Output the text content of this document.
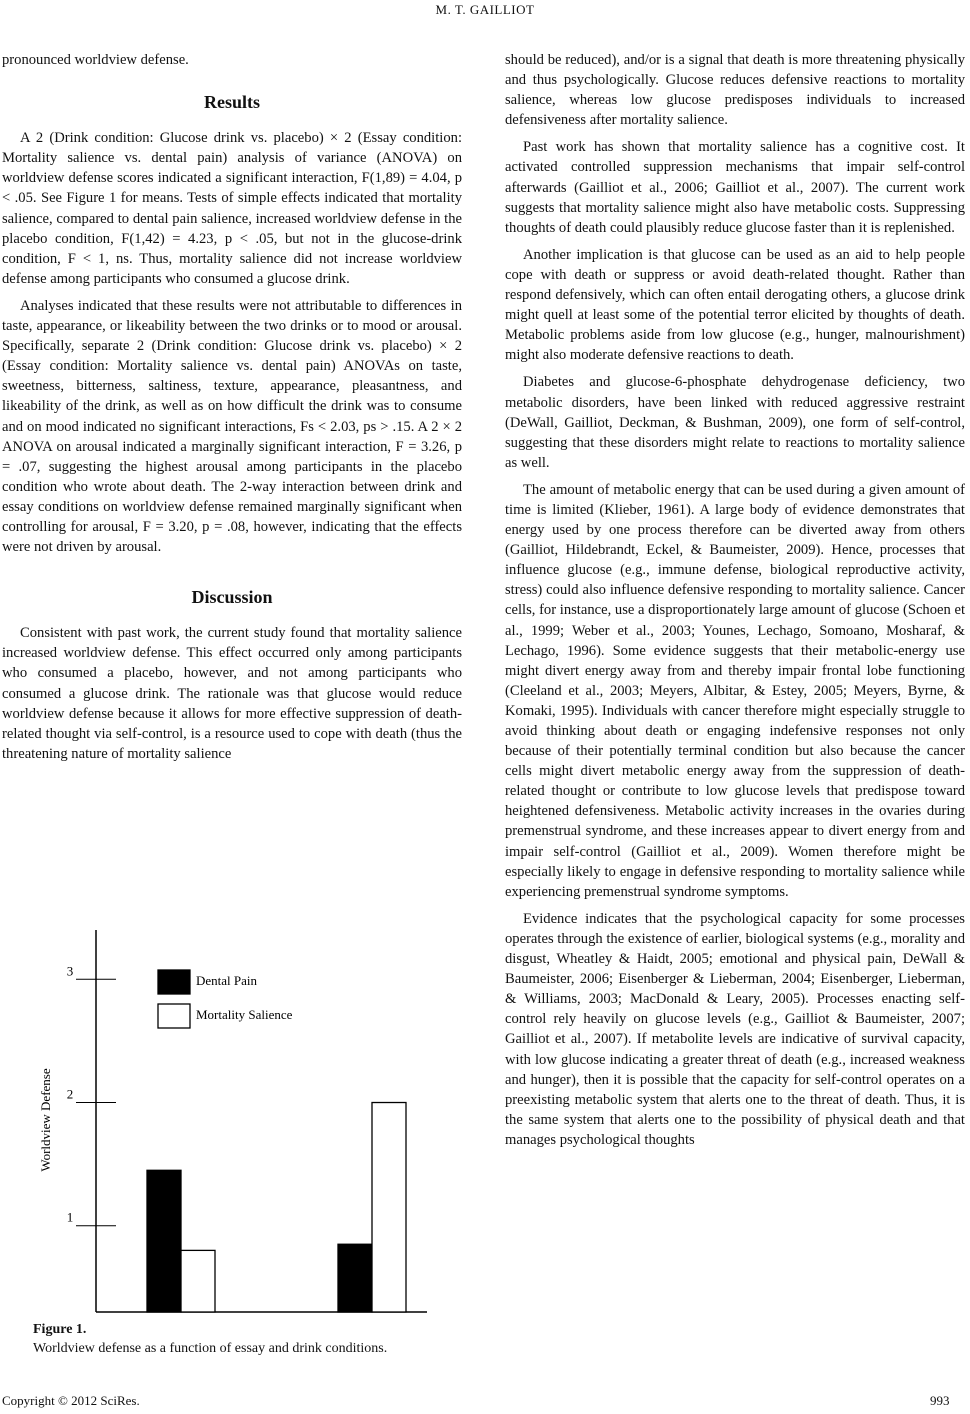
M. T. GAILLIOT

pronounced worldview defense.

Results

A 2 (Drink condition: Glucose drink vs. placebo) × 2 (Essay condition: Mortality salience vs. dental pain) analysis of variance (ANOVA) on worldview defense scores indicated a significant interaction, F(1,89) = 4.04, p < .05. See Figure 1 for means. Tests of simple effects indicated that mortality salience, compared to dental pain salience, increased worldview defense in the placebo condition, F(1,42) = 4.23, p < .05, but not in the glucose-drink condition, F < 1, ns. Thus, mortality salience did not increase worldview defense among participants who consumed a glucose drink.

Analyses indicated that these results were not attributable to differences in taste, appearance, or likeability between the two drinks or to mood or arousal. Specifically, separate 2 (Drink condition: Glucose drink vs. placebo) × 2 (Essay condition: Mortality salience vs. dental pain) ANOVAs on taste, sweetness, bitterness, saltiness, texture, appearance, pleasantness, and likeability of the drink, as well as on how difficult the drink was to consume and on mood indicated no significant interactions, Fs < 2.03, ps > .15. A 2 × 2 ANOVA on arousal indicated a marginally significant interaction, F = 3.26, p = .07, suggesting the highest arousal among participants in the placebo condition who wrote about death. The 2-way interaction between drink and essay conditions on worldview defense remained marginally significant when controlling for arousal, F = 3.20, p = .08, however, indicating that the effects were not driven by arousal.

Discussion

Consistent with past work, the current study found that mortality salience increased worldview defense. This effect occurred only among participants who consumed a placebo, however, and not among participants who consumed a glucose drink. The rationale was that glucose would reduce worldview defense because it allows for more effective suppression of death-related thought via self-control, is a resource used to cope with death (thus the threatening nature of mortality salience

should be reduced), and/or is a signal that death is more threatening physically and thus psychologically. Glucose reduces defensive reactions to mortality salience, whereas low glucose predisposes individuals to increased defensiveness after mortality salience.

Past work has shown that mortality salience has a cognitive cost. It activated controlled suppression mechanisms that impair self-control afterwards (Gailliot et al., 2006; Gailliot et al., 2007). The current work suggests that mortality salience might also have metabolic costs. Suppressing thoughts of death could plausibly reduce glucose faster than it is replenished.

Another implication is that glucose can be used as an aid to help people cope with death or suppress or avoid death-related thought. Rather than respond defensively, which can often entail derogating others, a glucose drink might quell at least some of the potential terror elicited by thoughts of death. Metabolic problems aside from low glucose (e.g., hunger, malnourishment) might also moderate defensive reactions to death.

Diabetes and glucose-6-phosphate dehydrogenase deficiency, two metabolic disorders, have been linked with reduced aggressive restraint (DeWall, Gailliot, Deckman, & Bushman, 2009), one form of self-control, suggesting that these disorders might relate to reactions to mortality salience as well.

The amount of metabolic energy that can be used during a given amount of time is limited (Klieber, 1961). A large body of evidence demonstrates that energy used by one process therefore can be diverted away from others (Gailliot, Hildebrandt, Eckel, & Baumeister, 2009). Hence, processes that influence glucose (e.g., immune defense, biological reproductive activity, stress) could also influence defensive responding to mortality salience. Cancer cells, for instance, use a disproportionately large amount of glucose (Schoen et al., 1999; Weber et al., 2003; Younes, Lechago, Somoano, Mosharaf, & Lechago, 1996). Some evidence suggests that their metabolic-energy use might divert energy away from and thereby impair frontal lobe functioning (Cleeland et al., 2003; Meyers, Albitar, & Estey, 2005; Meyers, Byrne, & Komaki, 1995). Individuals with cancer therefore might especially struggle to avoid thinking about death or engaging indefensive responses not only because of their potentially terminal condition but also because the cancer cells might divert metabolic energy away from the suppression of death-related thought or contribute to low glucose levels that predispose toward heightened defensiveness. Metabolic activity increases in the ovaries during premenstrual syndrome, and these increases appear to divert energy from and impair self-control (Gailliot et al., 2009). Women therefore might be especially likely to engage in defensive responding to mortality salience while experiencing premenstrual syndrome symptoms.

Evidence indicates that the psychological capacity for some processes operates through the existence of earlier, biological systems (e.g., morality and disgust, Wheatley & Haidt, 2005; emotional and physical pain, DeWall & Baumeister, 2006; Eisenberger & Lieberman, 2004; Eisenberger, Lieberman, & Williams, 2003; MacDonald & Leary, 2005). Processes enacting self-control rely heavily on glucose levels (e.g., Gailliot & Baumeister, 2007; Gailliot et al., 2007). If metabolite levels are indicative of survival capacity, with low glucose indicating a greater threat of death (e.g., increased weakness and hunger), then it is possible that the capacity for self-control operates on a preexisting metabolic system that alerts one to the threat of death. Thus, it is the same system that alerts one to the possibility of physical death and that manages psychological thoughts

1
2
3
Worldview Defense
Dental Pain
Mortality Salience
Figure 1.
Worldview defense as a function of essay and drink conditions.
Copyright © 2012 SciRes.	993
